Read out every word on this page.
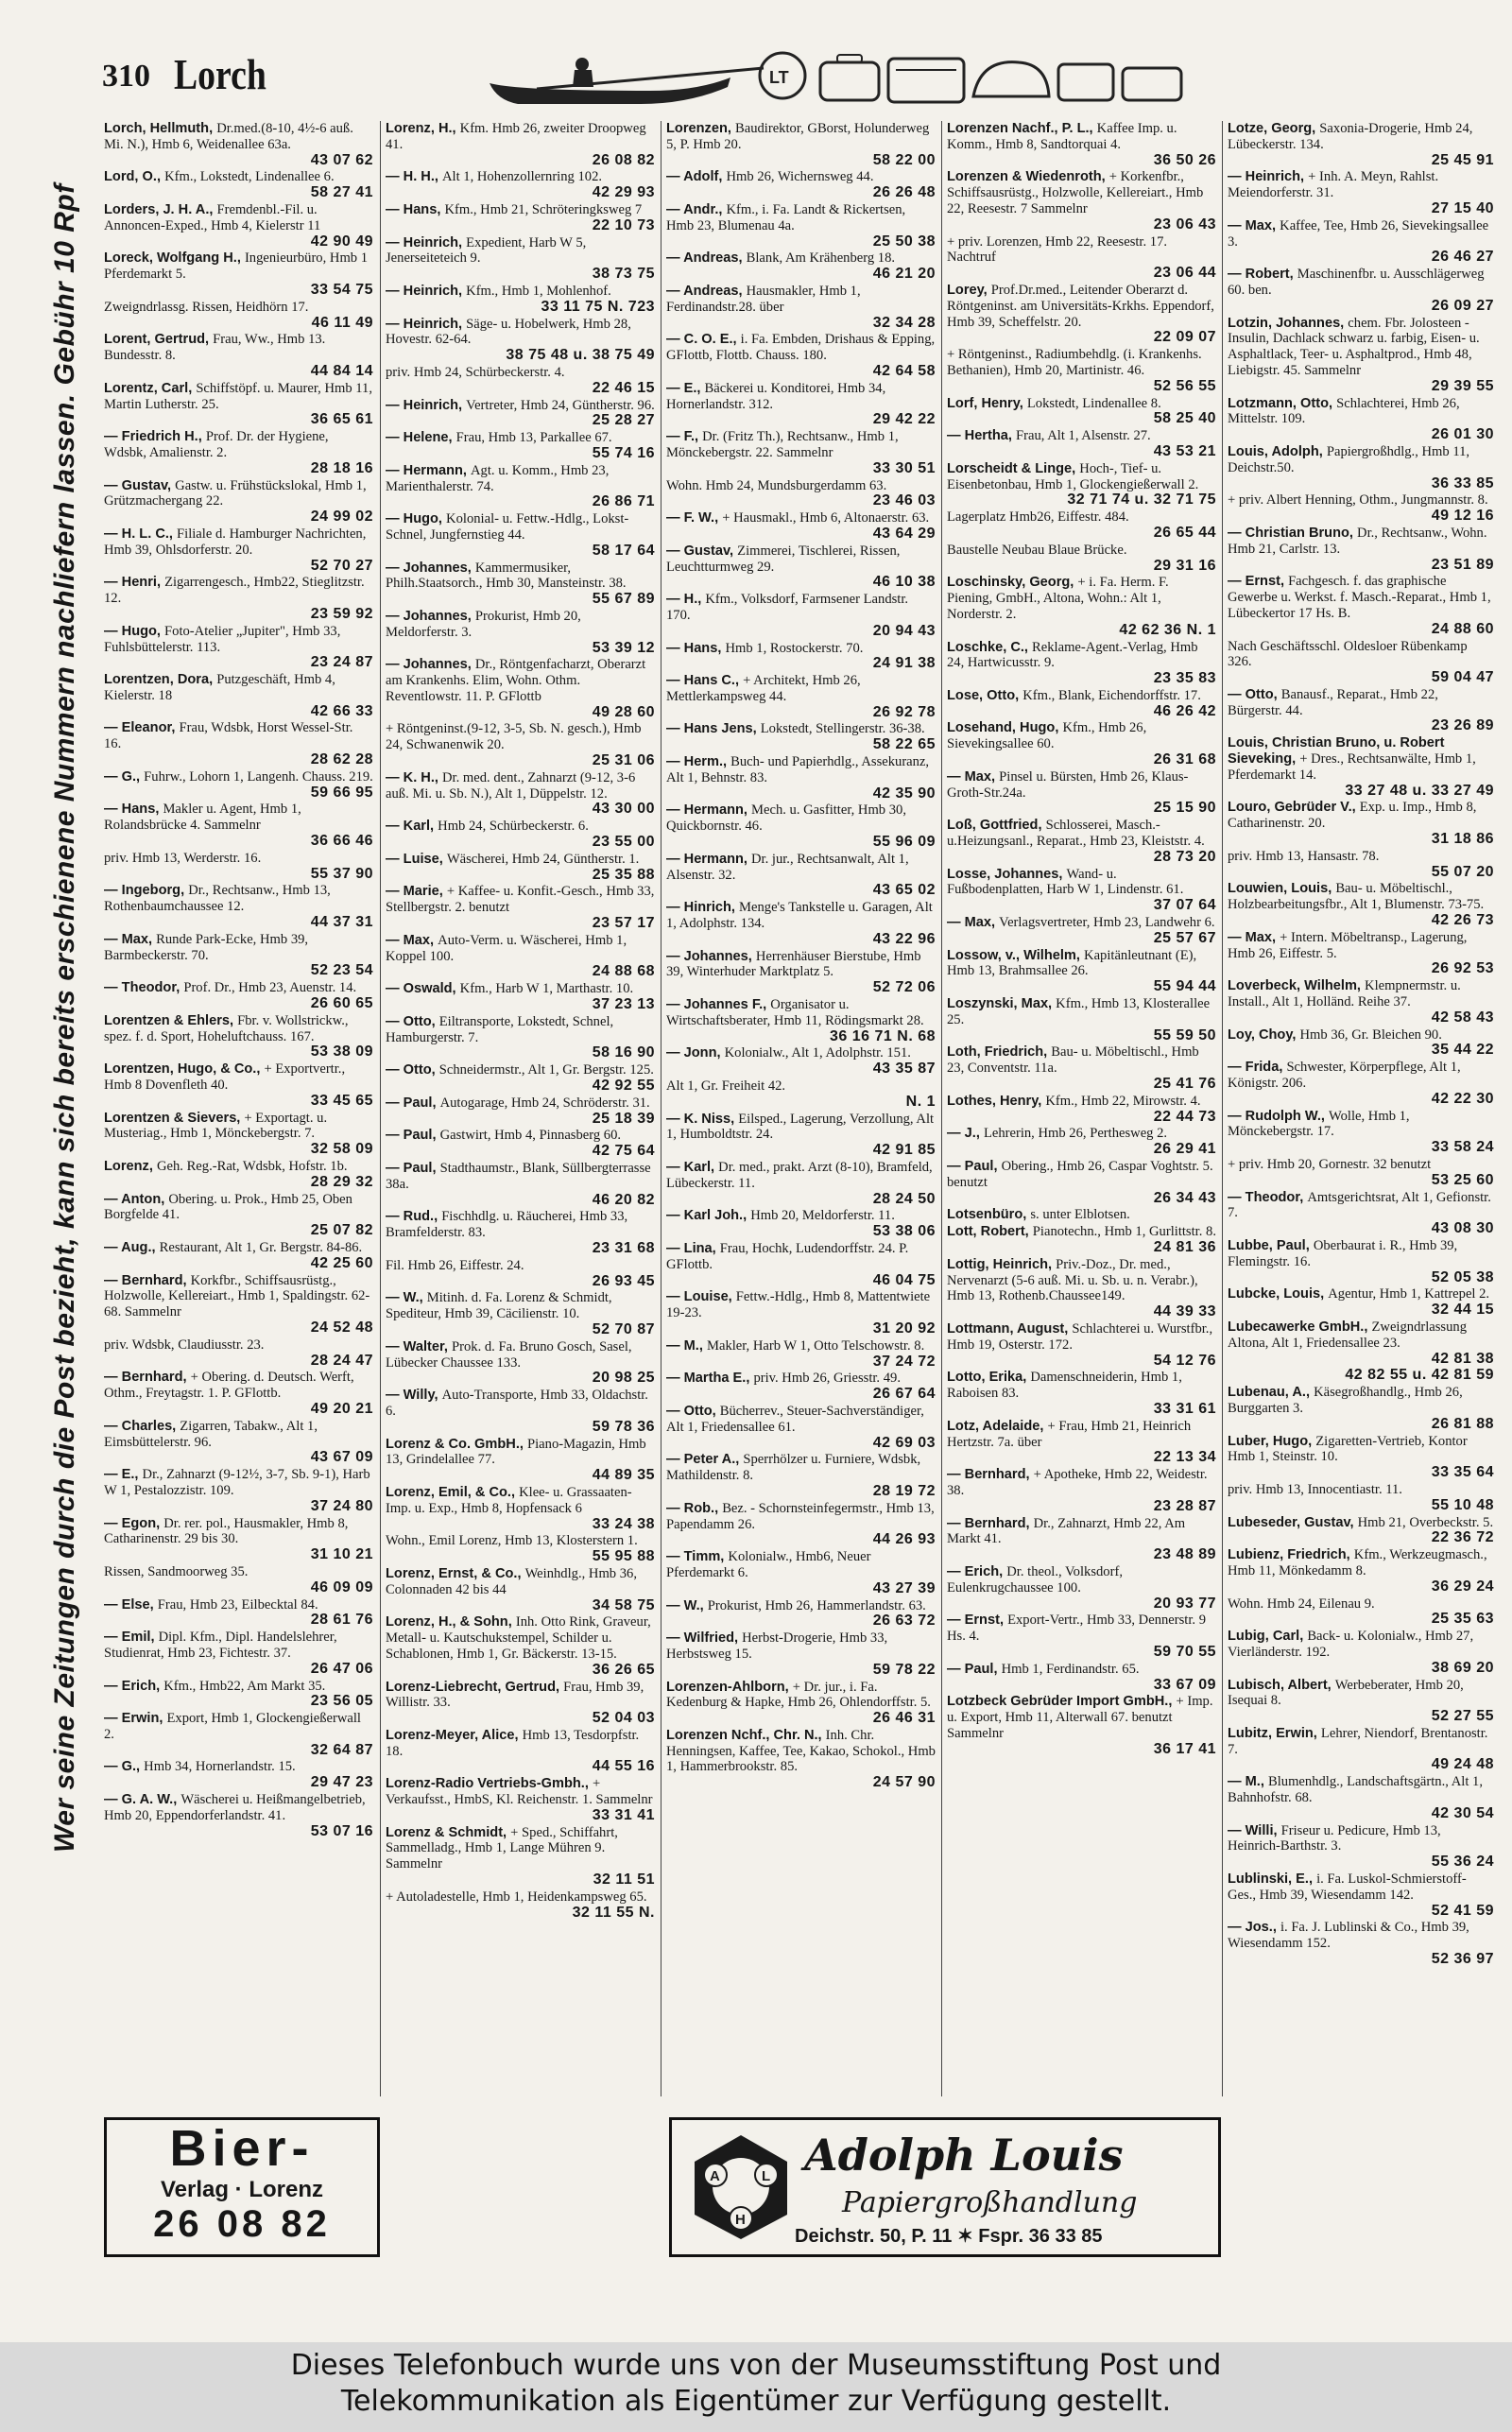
310 Lorch	LT
Wer seine Zeitungen durch die Post bezieht, kann sich bereits erschienene Nummern nachliefern lassen. Gebühr 10 Rpf
Lorch, Hellmuth, Dr.med.(8-10, 4½-6 auß. Mi. N.), Hmb 6, Weidenallee 63a.
43 07 62
Lord, O., Kfm., Lokstedt, Lindenallee 6.
58 27 41
Lorders, J. H. A., Fremdenbl.-Fil. u. Annoncen-Exped., Hmb 4, Kielerstr 11
42 90 49
Loreck, Wolfgang H., Ingenieurbüro, Hmb 1 Pferdemarkt 5.
33 54 75
Zweigndrlassg. Rissen, Heidhörn 17.
46 11 49
Lorent, Gertrud, Frau, Ww., Hmb 13. Bundesstr. 8.
44 84 14
Lorentz, Carl, Schiffstöpf. u. Maurer, Hmb 11, Martin Lutherstr. 25.
36 65 61
— Friedrich H., Prof. Dr. der Hygiene, Wdsbk, Amalienstr. 2.
28 18 16
— Gustav, Gastw. u. Frühstückslokal, Hmb 1, Grützmachergang 22.
24 99 02
— H. L. C., Filiale d. Hamburger Nachrichten, Hmb 39, Ohlsdorferstr. 20.
52 70 27
— Henri, Zigarrengesch., Hmb22, Stieglitzstr. 12.
23 59 92
— Hugo, Foto-Atelier „Jupiter", Hmb 33, Fuhlsbüttelerstr. 113.
23 24 87
Lorentzen, Dora, Putzgeschäft, Hmb 4, Kielerstr. 18
42 66 33
— Eleanor, Frau, Wdsbk, Horst Wessel-Str. 16.
28 62 28
— G., Fuhrw., Lohorn 1, Langenh. Chauss. 219.
59 66 95
— Hans, Makler u. Agent, Hmb 1, Rolandsbrücke 4. Sammelnr
36 66 46
priv. Hmb 13, Werderstr. 16.
55 37 90
— Ingeborg, Dr., Rechtsanw., Hmb 13, Rothenbaumchaussee 12.
44 37 31
— Max, Runde Park-Ecke, Hmb 39, Barmbeckerstr. 70.
52 23 54
— Theodor, Prof. Dr., Hmb 23, Auenstr. 14.
26 60 65
Lorentzen & Ehlers, Fbr. v. Wollstrickw., spez. f. d. Sport, Hoheluftchauss. 167.
53 38 09
Lorentzen, Hugo, & Co., + Exportvertr., Hmb 8 Dovenfleth 40.
33 45 65
Lorentzen & Sievers, + Exportagt. u. Musteriag., Hmb 1, Mönckebergstr. 7.
32 58 09
Lorenz, Geh. Reg.-Rat, Wdsbk, Hofstr. 1b.
28 29 32
— Anton, Obering. u. Prok., Hmb 25, Oben Borgfelde 41.
25 07 82
— Aug., Restaurant, Alt 1, Gr. Bergstr. 84-86.
42 25 60
— Bernhard, Korkfbr., Schiffsausrüstg., Holzwolle, Kellereiart., Hmb 1, Spaldingstr. 62-68. Sammelnr
24 52 48
priv. Wdsbk, Claudiusstr. 23.
28 24 47
— Bernhard, + Obering. d. Deutsch. Werft, Othm., Freytagstr. 1. P. GFlottb.
49 20 21
— Charles, Zigarren, Tabakw., Alt 1, Eimsbüttelerstr. 96.
43 67 09
— E., Dr., Zahnarzt (9-12½, 3-7, Sb. 9-1), Harb W 1, Pestalozzistr. 109.
37 24 80
— Egon, Dr. rer. pol., Hausmakler, Hmb 8, Catharinenstr. 29 bis 30.
31 10 21
Rissen, Sandmoorweg 35.
46 09 09
— Else, Frau, Hmb 23, Eilbecktal 84.
28 61 76
— Emil, Dipl. Kfm., Dipl. Handelslehrer, Studienrat, Hmb 23, Fichtestr. 37.
26 47 06
— Erich, Kfm., Hmb22, Am Markt 35.
23 56 05
— Erwin, Export, Hmb 1, Glockengießerwall 2.
32 64 87
— G., Hmb 34, Hornerlandstr. 15.
29 47 23
— G. A. W., Wäscherei u. Heißmangelbetrieb, Hmb 20, Eppendorferlandstr. 41.
53 07 16
Lorenz, H., Kfm. Hmb 26, zweiter Droopweg 41.
26 08 82
— H. H., Alt 1, Hohenzollernring 102.
42 29 93
— Hans, Kfm., Hmb 21, Schröteringksweg 7
22 10 73
— Heinrich, Expedient, Harb W 5, Jenerseiteteich 9.
38 73 75
— Heinrich, Kfm., Hmb 1, Mohlenhof.
33 11 75 N. 723
— Heinrich, Säge- u. Hobelwerk, Hmb 28, Hovestr. 62-64.
38 75 48 u. 38 75 49
priv. Hmb 24, Schürbeckerstr. 4.
22 46 15
— Heinrich, Vertreter, Hmb 24, Güntherstr. 96.
25 28 27
— Helene, Frau, Hmb 13, Parkallee 67.
55 74 16
— Hermann, Agt. u. Komm., Hmb 23, Marienthalerstr. 74.
26 86 71
— Hugo, Kolonial- u. Fettw.-Hdlg., Lokst-Schnel, Jungfernstieg 44.
58 17 64
— Johannes, Kammermusiker, Philh.Staatsorch., Hmb 30, Mansteinstr. 38.
55 67 89
— Johannes, Prokurist, Hmb 20, Meldorferstr. 3.
53 39 12
— Johannes, Dr., Röntgenfacharzt, Oberarzt am Krankenhs. Elim, Wohn. Othm. Reventlowstr. 11. P. GFlottb
49 28 60
+ Röntgeninst.(9-12, 3-5, Sb. N. gesch.), Hmb 24, Schwanenwik 20.
25 31 06
— K. H., Dr. med. dent., Zahnarzt (9-12, 3-6 auß. Mi. u. Sb. N.), Alt 1, Düppelstr. 12.
43 30 00
— Karl, Hmb 24, Schürbeckerstr. 6.
23 55 00
— Luise, Wäscherei, Hmb 24, Güntherstr. 1.
25 35 88
— Marie, + Kaffee- u. Konfit.-Gesch., Hmb 33, Stellbergstr. 2. benutzt
23 57 17
— Max, Auto-Verm. u. Wäscherei, Hmb 1, Koppel 100.
24 88 68
— Oswald, Kfm., Harb W 1, Marthastr. 10.
37 23 13
— Otto, Eiltransporte, Lokstedt, Schnel, Hamburgerstr. 7.
58 16 90
— Otto, Schneidermstr., Alt 1, Gr. Bergstr. 125.
42 92 55
— Paul, Autogarage, Hmb 24, Schröderstr. 31.
25 18 39
— Paul, Gastwirt, Hmb 4, Pinnasberg 60.
42 75 64
— Paul, Stadthaumstr., Blank, Süllbergterrasse 38a.
46 20 82
— Rud., Fischhdlg. u. Räucherei, Hmb 33, Bramfelderstr. 83.
23 31 68
Fil. Hmb 26, Eiffestr. 24.
26 93 45
— W., Mitinh. d. Fa. Lorenz & Schmidt, Spediteur, Hmb 39, Cäcilienstr. 10.
52 70 87
— Walter, Prok. d. Fa. Bruno Gosch, Sasel, Lübecker Chaussee 133.
20 98 25
— Willy, Auto-Transporte, Hmb 33, Oldachstr. 6.
59 78 36
Lorenz & Co. GmbH., Piano-Magazin, Hmb 13, Grindelallee 77.
44 89 35
Lorenz, Emil, & Co., Klee- u. Grassaaten-Imp. u. Exp., Hmb 8, Hopfensack 6
33 24 38
Wohn., Emil Lorenz, Hmb 13, Klosterstern 1.
55 95 88
Lorenz, Ernst, & Co., Weinhdlg., Hmb 36, Colonnaden 42 bis 44
34 58 75
Lorenz, H., & Sohn, Inh. Otto Rink, Graveur, Metall- u. Kautschukstempel, Schilder u. Schablonen, Hmb 1, Gr. Bäckerstr. 13-15.
36 26 65
Lorenz-Liebrecht, Gertrud, Frau, Hmb 39, Willistr. 33.
52 04 03
Lorenz-Meyer, Alice, Hmb 13, Tesdorpfstr. 18.
44 55 16
Lorenz-Radio Vertriebs-Gmbh., + Verkaufsst., HmbS, Kl. Reichenstr. 1. Sammelnr
33 31 41
Lorenz & Schmidt, + Sped., Schiffahrt, Sammelladg., Hmb 1, Lange Mühren 9. Sammelnr
32 11 51
+ Autoladestelle, Hmb 1, Heidenkampsweg 65.
32 11 55 N.
Lorenzen, Baudirektor, GBorst, Holunderweg 5, P. Hmb 20.
58 22 00
— Adolf, Hmb 26, Wichernsweg 44.
26 26 48
— Andr., Kfm., i. Fa. Landt & Rickertsen, Hmb 23, Blumenau 4a.
25 50 38
— Andreas, Blank, Am Krähenberg 18.
46 21 20
— Andreas, Hausmakler, Hmb 1, Ferdinandstr.28. über
32 34 28
— C. O. E., i. Fa. Embden, Drishaus & Epping, GFlottb, Flottb. Chauss. 180.
42 64 58
— E., Bäckerei u. Konditorei, Hmb 34, Hornerlandstr. 312.
29 42 22
— F., Dr. (Fritz Th.), Rechtsanw., Hmb 1, Mönckebergstr. 22. Sammelnr
33 30 51
Wohn. Hmb 24, Mundsburgerdamm 63.
23 46 03
— F. W., + Hausmakl., Hmb 6, Altonaerstr. 63.
43 64 29
— Gustav, Zimmerei, Tischlerei, Rissen, Leuchtturmweg 29.
46 10 38
— H., Kfm., Volksdorf, Farmsener Landstr. 170.
20 94 43
— Hans, Hmb 1, Rostockerstr. 70.
24 91 38
— Hans C., + Architekt, Hmb 26, Mettlerkampsweg 44.
26 92 78
— Hans Jens, Lokstedt, Stellingerstr. 36-38.
58 22 65
— Herm., Buch- und Papierhdlg., Assekuranz, Alt 1, Behnstr. 83.
42 35 90
— Hermann, Mech. u. Gasfitter, Hmb 30, Quickbornstr. 46.
55 96 09
— Hermann, Dr. jur., Rechtsanwalt, Alt 1, Alsenstr. 32.
43 65 02
— Hinrich, Menge's Tankstelle u. Garagen, Alt 1, Adolphstr. 134.
43 22 96
— Johannes, Herrenhäuser Bierstube, Hmb 39, Winterhuder Marktplatz 5.
52 72 06
— Johannes F., Organisator u. Wirtschaftsberater, Hmb 11, Rödingsmarkt 28.
36 16 71 N. 68
— Jonn, Kolonialw., Alt 1, Adolphstr. 151.
43 35 87
Alt 1, Gr. Freiheit 42.
N. 1
— K. Niss, Eilsped., Lagerung, Verzollung, Alt 1, Humboldtstr. 24.
42 91 85
— Karl, Dr. med., prakt. Arzt (8-10), Bramfeld, Lübeckerstr. 11.
28 24 50
— Karl Joh., Hmb 20, Meldorferstr. 11.
53 38 06
— Lina, Frau, Hochk, Ludendorffstr. 24. P. GFlottb.
46 04 75
— Louise, Fettw.-Hdlg., Hmb 8, Mattentwiete 19-23.
31 20 92
— M., Makler, Harb W 1, Otto Telschowstr. 8.
37 24 72
— Martha E., priv. Hmb 26, Griesstr. 49.
26 67 64
— Otto, Bücherrev., Steuer-Sachverständiger, Alt 1, Friedensallee 61.
42 69 03
— Peter A., Sperrhölzer u. Furniere, Wdsbk, Mathildenstr. 8.
28 19 72
— Rob., Bez. - Schornsteinfegermstr., Hmb 13, Papendamm 26.
44 26 93
— Timm, Kolonialw., Hmb6, Neuer Pferdemarkt 6.
43 27 39
— W., Prokurist, Hmb 26, Hammerlandstr. 63.
26 63 72
— Wilfried, Herbst-Drogerie, Hmb 33, Herbstsweg 15.
59 78 22
Lorenzen-Ahlborn, + Dr. jur., i. Fa. Kedenburg & Hapke, Hmb 26, Ohlendorffstr. 5.
26 46 31
Lorenzen Nchf., Chr. N., Inh. Chr. Henningsen, Kaffee, Tee, Kakao, Schokol., Hmb 1, Hammerbrookstr. 85.
24 57 90
Lorenzen Nachf., P. L., Kaffee Imp. u. Komm., Hmb 8, Sandtorquai 4.
36 50 26
Lorenzen & Wiedenroth, + Korkenfbr., Schiffsausrüstg., Holzwolle, Kellereiart., Hmb 22, Reesestr. 7 Sammelnr
23 06 43
+ priv. Lorenzen, Hmb 22, Reesestr. 17. Nachtruf
23 06 44
Lorey, Prof.Dr.med., Leitender Oberarzt d. Röntgeninst. am Universitäts-Krkhs. Eppendorf, Hmb 39, Scheffelstr. 20.
22 09 07
+ Röntgeninst., Radiumbehdlg. (i. Krankenhs. Bethanien), Hmb 20, Martinistr. 46.
52 56 55
Lorf, Henry, Lokstedt, Lindenallee 8.
58 25 40
— Hertha, Frau, Alt 1, Alsenstr. 27.
43 53 21
Lorscheidt & Linge, Hoch-, Tief- u. Eisenbetonbau, Hmb 1, Glockengießerwall 2.
32 71 74 u. 32 71 75
Lagerplatz Hmb26, Eiffestr. 484.
26 65 44
Baustelle Neubau Blaue Brücke.
29 31 16
Loschinsky, Georg, + i. Fa. Herm. F. Piening, GmbH., Altona, Wohn.: Alt 1, Norderstr. 2.
42 62 36 N. 1
Loschke, C., Reklame-Agent.-Verlag, Hmb 24, Hartwicusstr. 9.
23 35 83
Lose, Otto, Kfm., Blank, Eichendorffstr. 17.
46 26 42
Losehand, Hugo, Kfm., Hmb 26, Sievekingsallee 60.
26 31 68
— Max, Pinsel u. Bürsten, Hmb 26, Klaus-Groth-Str.24a.
25 15 90
Loß, Gottfried, Schlosserei, Masch.-u.Heizungsanl., Reparat., Hmb 23, Kleiststr. 4.
28 73 20
Losse, Johannes, Wand- u. Fußbodenplatten, Harb W 1, Lindenstr. 61.
37 07 64
— Max, Verlagsvertreter, Hmb 23, Landwehr 6.
25 57 67
Lossow, v., Wilhelm, Kapitänleutnant (E), Hmb 13, Brahmsallee 26.
55 94 44
Loszynski, Max, Kfm., Hmb 13, Klosterallee 25.
55 59 50
Loth, Friedrich, Bau- u. Möbeltischl., Hmb 23, Conventstr. 11a.
25 41 76
Lothes, Henry, Kfm., Hmb 22, Mirowstr. 4.
22 44 73
— J., Lehrerin, Hmb 26, Perthesweg 2.
26 29 41
— Paul, Obering., Hmb 26, Caspar Voghtstr. 5. benutzt
26 34 43
Lotsenbüro, s. unter Elblotsen.
Lott, Robert, Pianotechn., Hmb 1, Gurlittstr. 8.
24 81 36
Lottig, Heinrich, Priv.-Doz., Dr. med., Nervenarzt (5-6 auß. Mi. u. Sb. u. n. Verabr.), Hmb 13, Rothenb.Chaussee149.
44 39 33
Lottmann, August, Schlachterei u. Wurstfbr., Hmb 19, Osterstr. 172.
54 12 76
Lotto, Erika, Damenschneiderin, Hmb 1, Raboisen 83.
33 31 61
Lotz, Adelaide, + Frau, Hmb 21, Heinrich Hertzstr. 7a. über
22 13 34
— Bernhard, + Apotheke, Hmb 22, Weidestr. 38.
23 28 87
— Bernhard, Dr., Zahnarzt, Hmb 22, Am Markt 41.
23 48 89
— Erich, Dr. theol., Volksdorf, Eulenkrugchaussee 100.
20 93 77
— Ernst, Export-Vertr., Hmb 33, Dennerstr. 9 Hs. 4.
59 70 55
— Paul, Hmb 1, Ferdinandstr. 65.
33 67 09
Lotzbeck Gebrüder Import GmbH., + Imp. u. Export, Hmb 11, Alterwall 67. benutzt Sammelnr
36 17 41
Lotze, Georg, Saxonia-Drogerie, Hmb 24, Lübeckerstr. 134.
25 45 91
— Heinrich, + Inh. A. Meyn, Rahlst. Meiendorferstr. 31.
27 15 40
— Max, Kaffee, Tee, Hmb 26, Sievekingsallee 3.
26 46 27
— Robert, Maschinenfbr. u. Ausschlägerweg 60. ben.
26 09 27
Lotzin, Johannes, chem. Fbr. Jolosteen - Insulin, Dachlack schwarz u. farbig, Eisen- u. Asphaltlack, Teer- u. Asphaltprod., Hmb 48, Liebigstr. 45. Sammelnr
29 39 55
Lotzmann, Otto, Schlachterei, Hmb 26, Mittelstr. 109.
26 01 30
Louis, Adolph, Papiergroßhdlg., Hmb 11, Deichstr.50.
36 33 85
+ priv. Albert Henning, Othm., Jungmannstr. 8.
49 12 16
— Christian Bruno, Dr., Rechtsanw., Wohn. Hmb 21, Carlstr. 13.
23 51 89
— Ernst, Fachgesch. f. das graphische Gewerbe u. Werkst. f. Masch.-Reparat., Hmb 1, Lübeckertor 17 Hs. B.
24 88 60
Nach Geschäftsschl. Oldesloer Rübenkamp 326.
59 04 47
— Otto, Banausf., Reparat., Hmb 22, Bürgerstr. 44.
23 26 89
Louis, Christian Bruno, u. Robert Sieveking, + Dres., Rechtsanwälte, Hmb 1, Pferdemarkt 14.
33 27 48 u. 33 27 49
Louro, Gebrüder V., Exp. u. Imp., Hmb 8, Catharinenstr. 20.
31 18 86
priv. Hmb 13, Hansastr. 78.
55 07 20
Louwien, Louis, Bau- u. Möbeltischl., Holzbearbeitungsfbr., Alt 1, Blumenstr. 73-75.
42 26 73
— Max, + Intern. Möbeltransp., Lagerung, Hmb 26, Eiffestr. 5.
26 92 53
Loverbeck, Wilhelm, Klempnermstr. u. Install., Alt 1, Holländ. Reihe 37.
42 58 43
Loy, Choy, Hmb 36, Gr. Bleichen 90.
35 44 22
— Frida, Schwester, Körperpflege, Alt 1, Königstr. 206.
42 22 30
— Rudolph W., Wolle, Hmb 1, Mönckebergstr. 17.
33 58 24
+ priv. Hmb 20, Gornestr. 32 benutzt
53 25 60
— Theodor, Amtsgerichtsrat, Alt 1, Gefionstr. 7.
43 08 30
Lubbe, Paul, Oberbaurat i. R., Hmb 39, Flemingstr. 16.
52 05 38
Lubcke, Louis, Agentur, Hmb 1, Kattrepel 2.
32 44 15
Lubecawerke GmbH., Zweigndrlassung Altona, Alt 1, Friedensallee 23.
42 81 38
42 82 55 u. 42 81 59
Lubenau, A., Käsegroßhandlg., Hmb 26, Burggarten 3.
26 81 88
Luber, Hugo, Zigaretten-Vertrieb, Kontor Hmb 1, Steinstr. 10.
33 35 64
priv. Hmb 13, Innocentiastr. 11.
55 10 48
Lubeseder, Gustav, Hmb 21, Overbeckstr. 5.
22 36 72
Lubienz, Friedrich, Kfm., Werkzeugmasch., Hmb 11, Mönkedamm 8.
36 29 24
Wohn. Hmb 24, Eilenau 9.
25 35 63
Lubig, Carl, Back- u. Kolonialw., Hmb 27, Vierländerstr. 192.
38 69 20
Lubisch, Albert, Werbeberater, Hmb 20, Isequai 8.
52 27 55
Lubitz, Erwin, Lehrer, Niendorf, Brentanostr. 7.
49 24 48
— M., Blumenhdlg., Landschaftsgärtn., Alt 1, Bahnhofstr. 68.
42 30 54
— Willi, Friseur u. Pedicure, Hmb 13, Heinrich-Barthstr. 3.
55 36 24
Lublinski, E., i. Fa. Luskol-Schmierstoff-Ges., Hmb 39, Wiesendamm 142.
52 41 59
— Jos., i. Fa. J. Lublinski & Co., Hmb 39, Wiesendamm 152.
52 36 97
Bier-
Verlag · Lorenz
26 08 82
A	L
H
Adolph Louis
Papiergroßhandlung
Deichstr. 50, P. 11 ✶ Fspr. 36 33 85
Dieses Telefonbuch wurde uns von der Museumsstiftung Post und
Telekommunikation als Eigentümer zur Verfügung gestellt.
